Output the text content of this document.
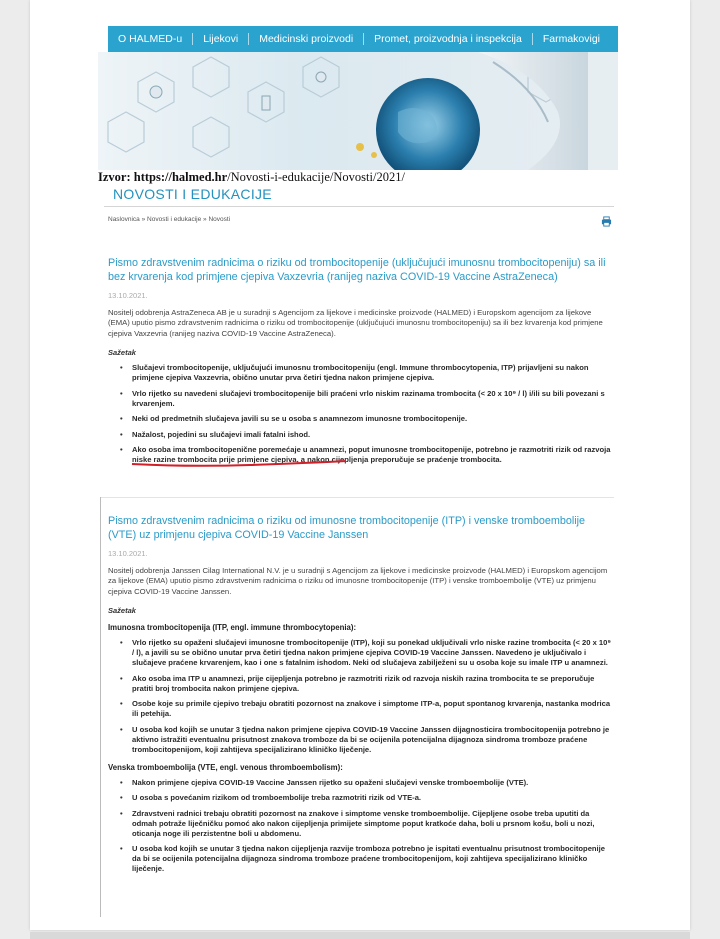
O HALMED-u	Lijekovi	Medicinski proizvodi	Promet, proizvodnja i inspekcija	Farmakovigi
Izvor: https://halmed.hr/Novosti-i-edukacije/Novosti/2021/
NOVOSTI I EDUKACIJE
Naslovnica » Novosti i edukacije » Novosti
Pismo zdravstvenim radnicima o riziku od trombocitopenije (uključujući imunosnu trombocitopeniju) sa ili bez krvarenja kod primjene cjepiva Vaxzevria (ranijeg naziva COVID-19 Vaccine AstraZeneca)
13.10.2021.
Nositelj odobrenja AstraZeneca AB je u suradnji s Agencijom za lijekove i medicinske proizvode (HALMED) i Europskom agencijom za lijekove (EMA) uputio pismo zdravstvenim radnicima o riziku od trombocitopenije (uključujući imunosnu trombocitopeniju) sa ili bez krvarenja kod primjene cjepiva Vaxzevria (ranijeg naziva COVID-19 Vaccine AstraZeneca).
Sažetak
• Slučajevi trombocitopenije, uključujući imunosnu trombocitopeniju (engl. Immune thrombocytopenia, ITP) prijavljeni su nakon primjene cjepiva Vaxzevria, obično unutar prva četiri tjedna nakon primjene cjepiva.
• Vrlo rijetko su navedeni slučajevi trombocitopenije bili praćeni vrlo niskim razinama trombocita (< 20 x 10⁹ / l) i/ili su bili povezani s krvarenjem.
• Neki od predmetnih slučajeva javili su se u osoba s anamnezom imunosne trombocitopenije.
• Nažalost, pojedini su slučajevi imali fatalni ishod.
• Ako osoba ima trombocitopenične poremećaje u anamnezi, poput imunosne trombocitopenije, potrebno je razmotriti rizik od razvoja niske razine trombocita prije primjene cjepiva, a nakon cijepljenja preporučuje se praćenje trombocita.
Pismo zdravstvenim radnicima o riziku od imunosne trombocitopenije (ITP) i venske tromboembolije (VTE) uz primjenu cjepiva COVID-19 Vaccine Janssen
13.10.2021.
Nositelj odobrenja Janssen Cilag International N.V. je u suradnji s Agencijom za lijekove i medicinske proizvode (HALMED) i Europskom agencijom za lijekove (EMA) uputio pismo zdravstvenim radnicima o riziku od imunosne trombocitopenije (ITP) i venske tromboembolije (VTE) uz primjenu cjepiva COVID-19 Vaccine Janssen.
Sažetak
Imunosna trombocitopenija (ITP, engl. immune thrombocytopenia):
• Vrlo rijetko su opaženi slučajevi imunosne trombocitopenije (ITP), koji su ponekad uključivali vrlo niske razine trombocita (< 20 x 10⁹ / l), a javili su se obično unutar prva četiri tjedna nakon primjene cjepiva COVID-19 Vaccine Janssen. Navedeno je uključivalo i slučajeve praćene krvarenjem, kao i one s fatalnim ishodom. Neki od slučajeva zabilježeni su u osoba koje su imale ITP u anamnezi.
• Ako osoba ima ITP u anamnezi, prije cijepljenja potrebno je razmotriti rizik od razvoja niskih razina trombocita te se preporučuje pratiti broj trombocita nakon primjene cjepiva.
• Osobe koje su primile cjepivo trebaju obratiti pozornost na znakove i simptome ITP-a, poput spontanog krvarenja, nastanka modrica ili petehija.
• U osoba kod kojih se unutar 3 tjedna nakon primjene cjepiva COVID-19 Vaccine Janssen dijagnosticira trombocitopenija potrebno je aktivno istražiti eventualnu prisutnost znakova tromboze da bi se ocijenila potencijalna dijagnoza sindroma tromboze praćene trombocitopenijom, koji zahtijeva specijalizirano kliničko liječenje.
Venska tromboembolija (VTE, engl. venous thromboembolism):
• Nakon primjene cjepiva COVID-19 Vaccine Janssen rijetko su opaženi slučajevi venske tromboembolije (VTE).
• U osoba s povećanim rizikom od tromboembolije treba razmotriti rizik od VTE-a.
• Zdravstveni radnici trebaju obratiti pozornost na znakove i simptome venske tromboembolije. Cijepljene osobe treba uputiti da odmah potraže liječničku pomoć ako nakon cijepljenja primijete simptome poput kratkoće daha, boli u prsnom košu, boli u nozi, oticanja noge ili perzistentne boli u abdomenu.
• U osoba kod kojih se unutar 3 tjedna nakon cijepljenja razvije tromboza potrebno je ispitati eventualnu prisutnost trombocitopenije da bi se ocijenila potencijalna dijagnoza sindroma tromboze praćene trombocitopenijom, koji zahtijeva specijalizirano kliničko liječenje.
